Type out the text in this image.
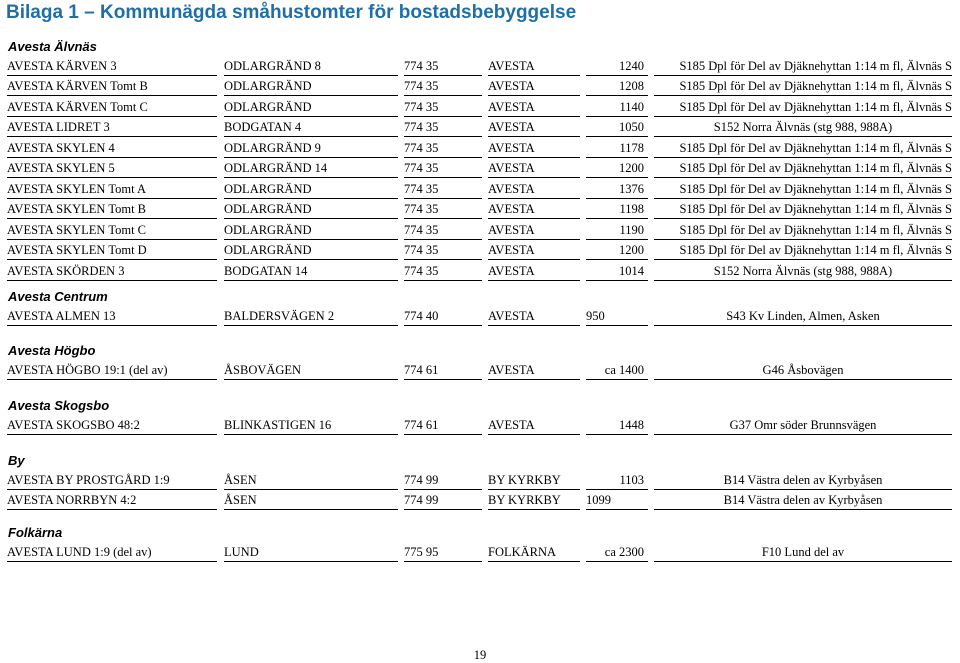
Bilaga 1 – Kommunägda småhustomter för bostadsbebyggelse
Avesta Älvnäs
AVESTA KÄRVEN 3	ODLARGRÄND 8	774 35	AVESTA	1240	S185 Dpl för Del av Djäknehyttan 1:14 m fl, Älvnäs S
AVESTA KÄRVEN Tomt B	ODLARGRÄND	774 35	AVESTA	1208	S185 Dpl för Del av Djäknehyttan 1:14 m fl, Älvnäs S
AVESTA KÄRVEN Tomt C	ODLARGRÄND	774 35	AVESTA	1140	S185 Dpl för Del av Djäknehyttan 1:14 m fl, Älvnäs S
AVESTA LIDRET 3	BODGATAN 4	774 35	AVESTA	1050	S152 Norra Älvnäs (stg 988, 988A)
AVESTA SKYLEN 4	ODLARGRÄND 9	774 35	AVESTA	1178	S185 Dpl för Del av Djäknehyttan 1:14 m fl, Älvnäs S
AVESTA SKYLEN 5	ODLARGRÄND 14	774 35	AVESTA	1200	S185 Dpl för Del av Djäknehyttan 1:14 m fl, Älvnäs S
AVESTA SKYLEN Tomt A	ODLARGRÄND	774 35	AVESTA	1376	S185 Dpl för Del av Djäknehyttan 1:14 m fl, Älvnäs S
AVESTA SKYLEN Tomt B	ODLARGRÄND	774 35	AVESTA	1198	S185 Dpl för Del av Djäknehyttan 1:14 m fl, Älvnäs S
AVESTA SKYLEN Tomt C	ODLARGRÄND	774 35	AVESTA	1190	S185 Dpl för Del av Djäknehyttan 1:14 m fl, Älvnäs S
AVESTA SKYLEN Tomt D	ODLARGRÄND	774 35	AVESTA	1200	S185 Dpl för Del av Djäknehyttan 1:14 m fl, Älvnäs S
AVESTA SKÖRDEN 3	BODGATAN 14	774 35	AVESTA	1014	S152 Norra Älvnäs (stg 988, 988A)
Avesta Centrum
AVESTA ALMEN 13	BALDERSVÄGEN 2	774 40	AVESTA	950	S43 Kv Linden, Almen, Asken
Avesta Högbo
AVESTA HÖGBO 19:1 (del av)	ÅSBOVÄGEN	774 61	AVESTA	ca 1400	G46 Åsbovägen
Avesta Skogsbo
AVESTA SKOGSBO 48:2	BLINKASTIGEN 16	774 61	AVESTA	1448	G37 Omr söder Brunnsvägen
By
AVESTA BY PROSTGÅRD 1:9	ÅSEN	774 99	BY KYRKBY	1103	B14 Västra delen av Kyrbyåsen
AVESTA NORRBYN 4:2	ÅSEN	774 99	BY KYRKBY 1099	B14 Västra delen av Kyrbyåsen
Folkärna
AVESTA LUND 1:9 (del av)	LUND	775 95	FOLKÄRNA	ca 2300	F10 Lund del av
19
